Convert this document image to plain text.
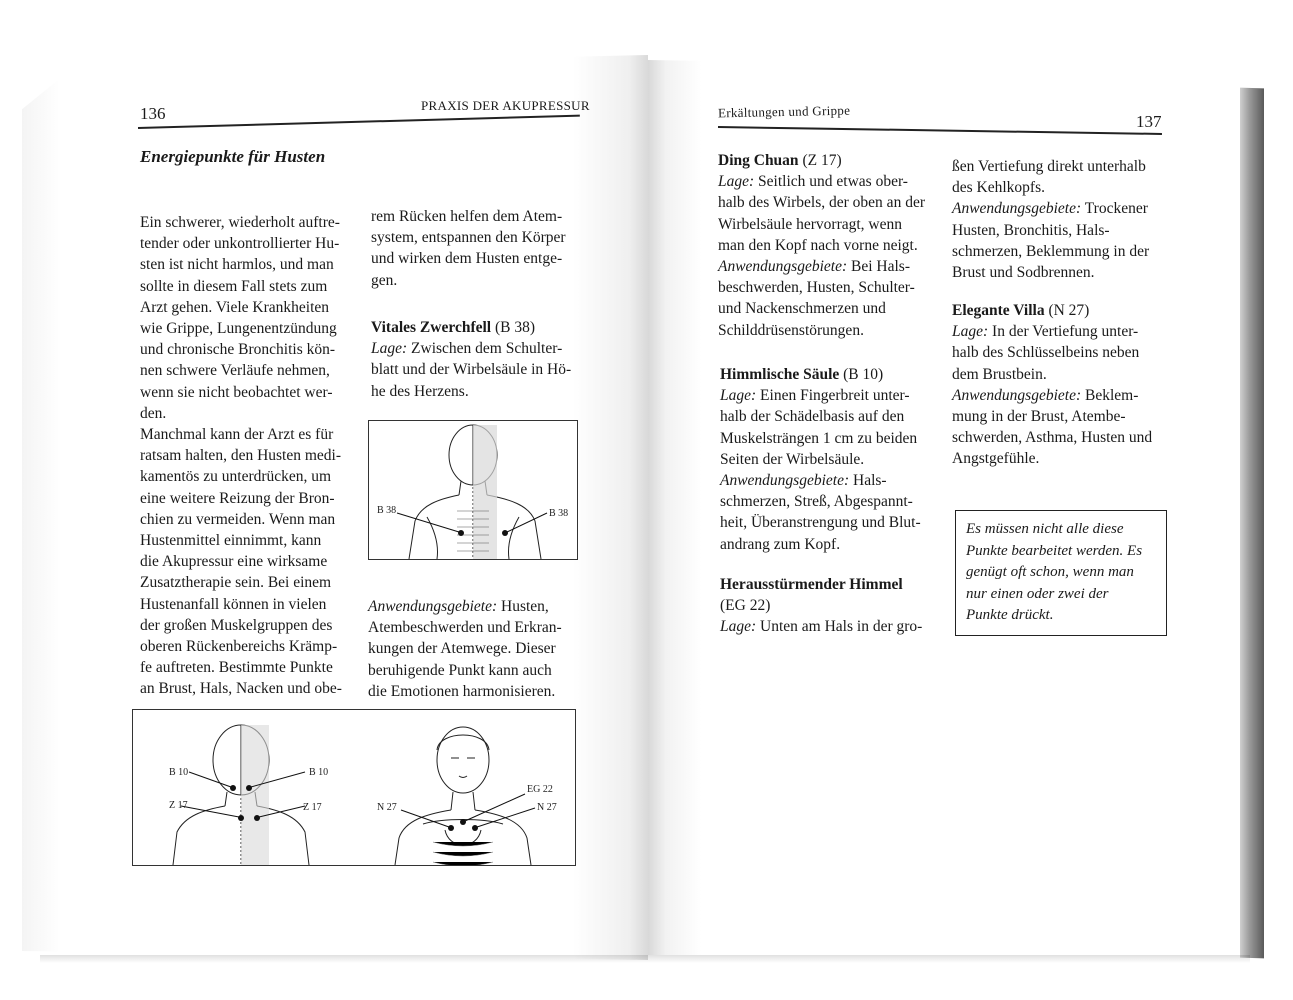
136	PRAXIS DER AKUPRESSUR
Energiepunkte für Husten
Ein schwerer, wiederholt auftre-
tender oder unkontrollierter Hu-
sten ist nicht harmlos, und man
sollte in diesem Fall stets zum
Arzt gehen. Viele Krankheiten
wie Grippe, Lungenentzündung
und chronische Bronchitis kön-
nen schwere Verläufe nehmen,
wenn sie nicht beobachtet wer-
den.
Manchmal kann der Arzt es für
ratsam halten, den Husten medi-
kamentös zu unterdrücken, um
eine weitere Reizung der Bron-
chien zu vermeiden. Wenn man
Hustenmittel einnimmt, kann
die Akupressur eine wirksame
Zusatztherapie sein. Bei einem
Hustenanfall können in vielen
der großen Muskelgruppen des
oberen Rückenbereichs Krämp-
fe auftreten. Bestimmte Punkte
an Brust, Hals, Nacken und obe-
rem Rücken helfen dem Atem-
system, entspannen den Körper
und wirken dem Husten entge-
gen.
Vitales Zwerchfell (B 38)
Lage: Zwischen dem Schulter-
blatt und der Wirbelsäule in Hö-
he des Herzens.
B 38	B 38
Anwendungsgebiete: Husten,
Atembeschwerden und Erkran-
kungen der Atemwege. Dieser
beruhigende Punkt kann auch
die Emotionen harmonisieren.
B 10	B 10
Z 17	Z 17	N 27
EG 22
N 27
Erkältungen und Grippe
137
Ding Chuan (Z 17)
Lage: Seitlich und etwas ober-
halb des Wirbels, der oben an der
Wirbelsäule hervorragt, wenn
man den Kopf nach vorne neigt.
Anwendungsgebiete: Bei Hals-
beschwerden, Husten, Schulter-
und Nackenschmerzen und
Schilddrüsenstörungen.
Himmlische Säule (B 10)
Lage: Einen Fingerbreit unter-
halb der Schädelbasis auf den
Muskelsträngen 1 cm zu beiden
Seiten der Wirbelsäule.
Anwendungsgebiete: Hals-
schmerzen, Streß, Abgespannt-
heit, Überanstrengung und Blut-
andrang zum Kopf.
Herausstürmender Himmel
(EG 22)
Lage: Unten am Hals in der gro-
ßen Vertiefung direkt unterhalb
des Kehlkopfs.
Anwendungsgebiete: Trockener
Husten, Bronchitis, Hals-
schmerzen, Beklemmung in der
Brust und Sodbrennen.
Elegante Villa (N 27)
Lage: In der Vertiefung unter-
halb des Schlüsselbeins neben
dem Brustbein.
Anwendungsgebiete: Beklem-
mung in der Brust, Atembe-
schwerden, Asthma, Husten und
Angstgefühle.
Es müssen nicht alle diese
Punkte bearbeitet werden. Es
genügt oft schon, wenn man
nur einen oder zwei der
Punkte drückt.
